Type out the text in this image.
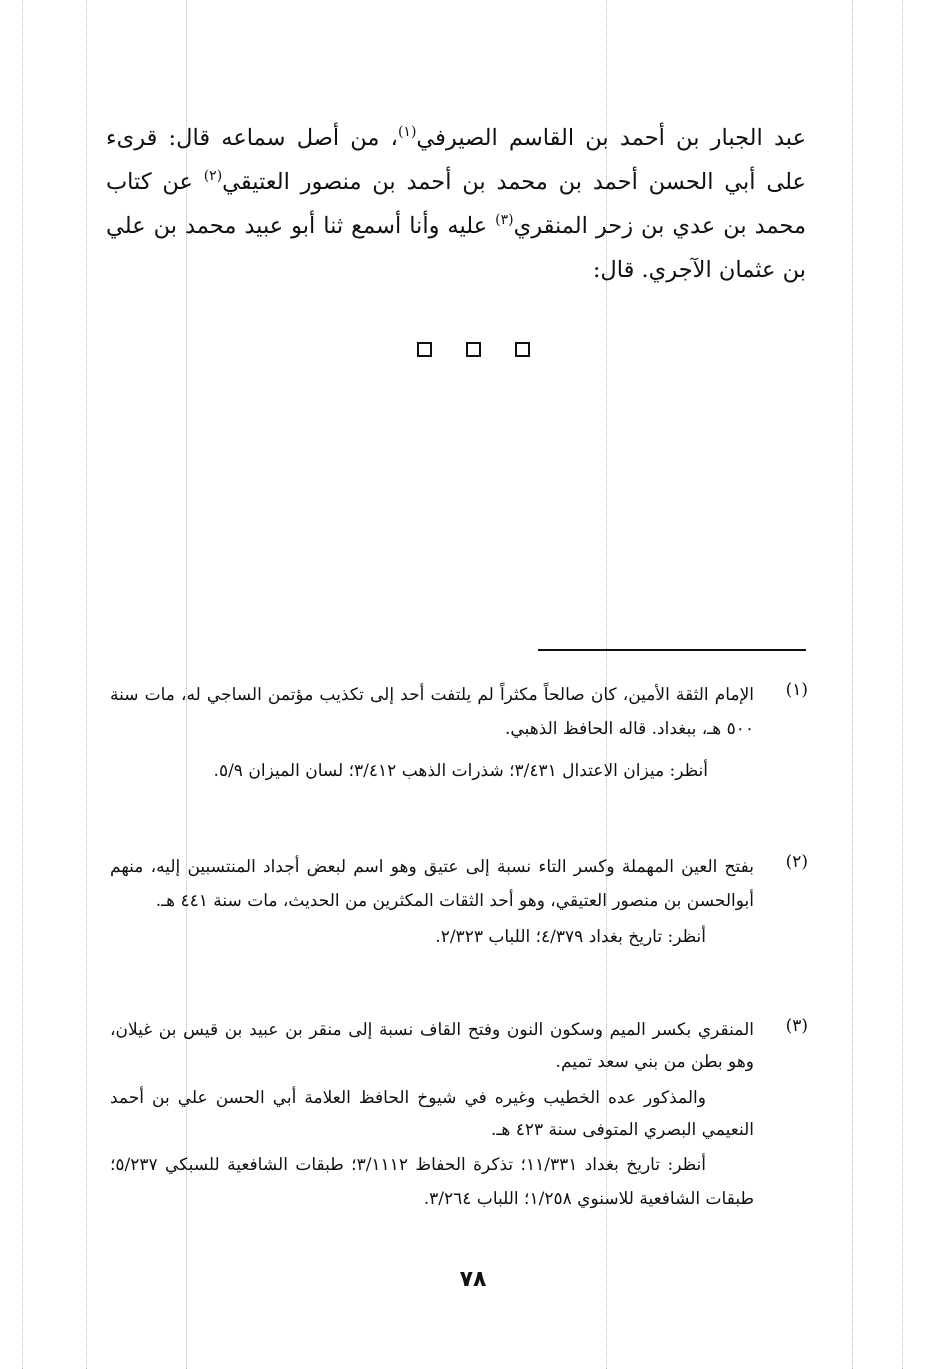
عبد الجبار بن أحمد بن القاسم الصيرفي$^{(١)}$، من أصل سماعه قال: قرىء على أبي الحسن أحمد بن محمد بن أحمد بن منصور العتيقي$^{(٢)}$ عن كتاب محمد بن عدي بن زحر المنقري$^{(٣)}$ عليه وأنا أسمع ثنا أبو عبيد محمد بن علي بن عثمان الآجري. قال:
(١)
الإمام الثقة الأمين، كان صالحاً مكثراً لم يلتفت أحد إلى تكذيب مؤتمن الساجي له، مات سنة ٥٠٠ هـ، ببغداد. قاله الحافظ الذهبي.
أنظر: ميزان الاعتدال ٣/٤٣١؛ شذرات الذهب ٣/٤١٢؛ لسان الميزان ٥/٩.
(٢)
بفتح العين المهملة وكسر التاء نسبة إلى عتيق وهو اسم لبعض أجداد المنتسبين إليه، منهم أبوالحسن بن منصور العتيقي، وهو أحد الثقات المكثرين من الحديث، مات سنة ٤٤١ هـ.
أنظر: تاريخ بغداد ٤/٣٧٩؛ اللباب ٢/٣٢٣.
(٣)
المنقري بكسر الميم وسكون النون وفتح القاف نسبة إلى منقر بن عبيد بن قيس بن غيلان، وهو بطن من بني سعد تميم.
والمذكور عده الخطيب وغيره في شيوخ الحافظ العلامة أبي الحسن علي بن أحمد النعيمي البصري المتوفى سنة ٤٢٣ هـ.
أنظر: تاريخ بغداد ١١/٣٣١؛ تذكرة الحفاظ ٣/١١١٢؛ طبقات الشافعية للسبكي ٥/٢٣٧؛ طبقات الشافعية للاسنوي ١/٢٥٨؛ اللباب ٣/٢٦٤.
٧٨
